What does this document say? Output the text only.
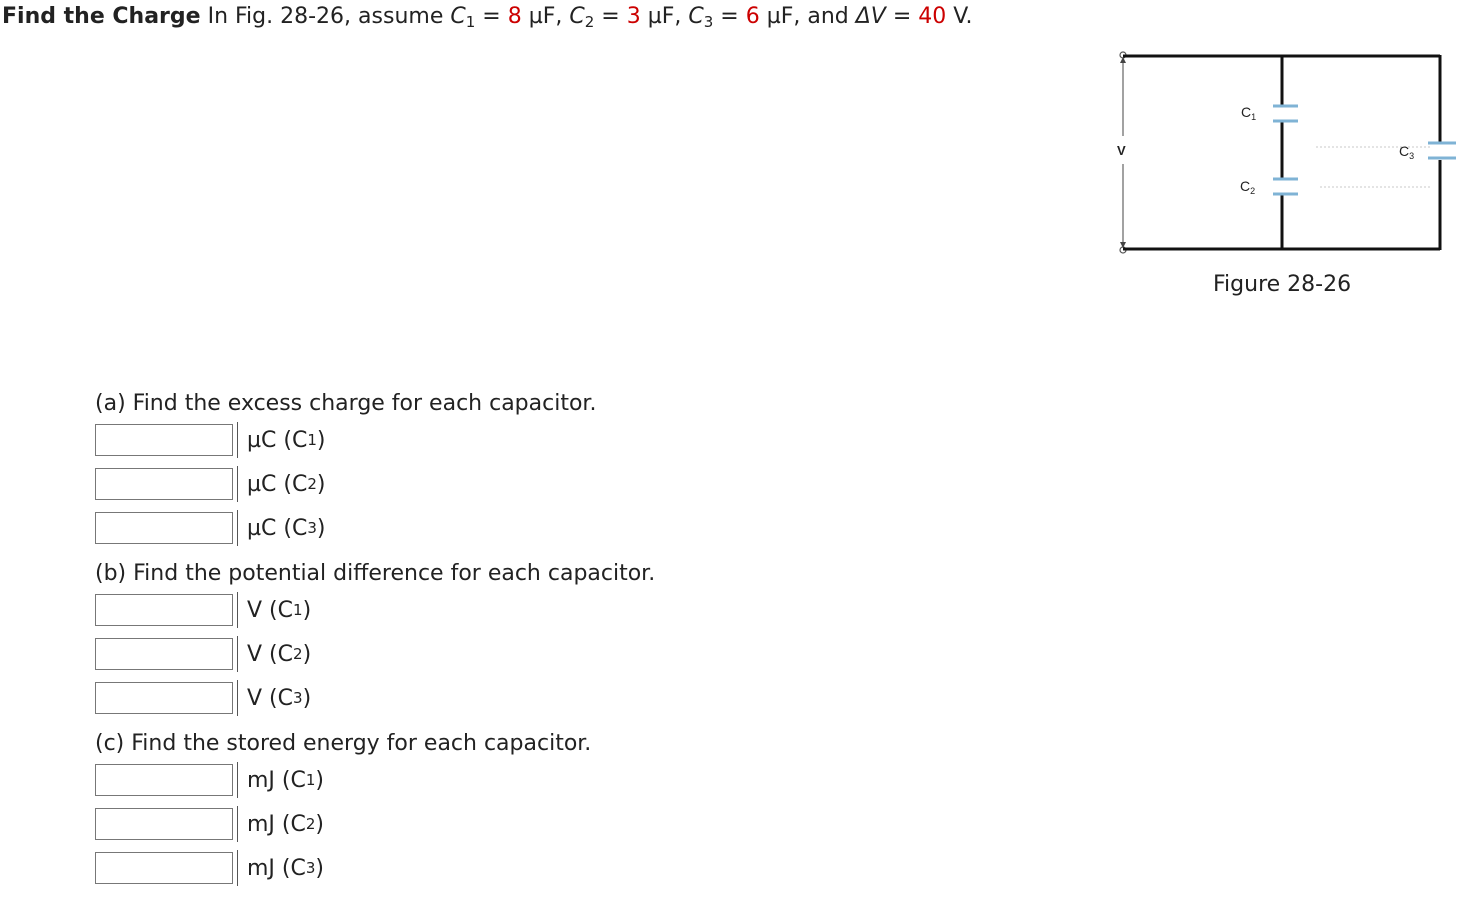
Find the Charge In Fig. 28-26, assume $C_1 = 8$ µF, $C_2 = 3$ µF, $C_3 = 6$ µF, and ΔV = 40 V.
V
$C_1$
$C_2$
$C_3$
Figure 28-26
(a) Find the excess charge for each capacitor.
µC ( C 1 )
µC ( C 2 )
µC ( C 3 )
(b) Find the potential difference for each capacitor.
V ( C 1 )
V ( C 2 )
V ( C 3 )
(c) Find the stored energy for each capacitor.
mJ ( C 1 )
mJ ( C 2 )
mJ ( C 3 )
